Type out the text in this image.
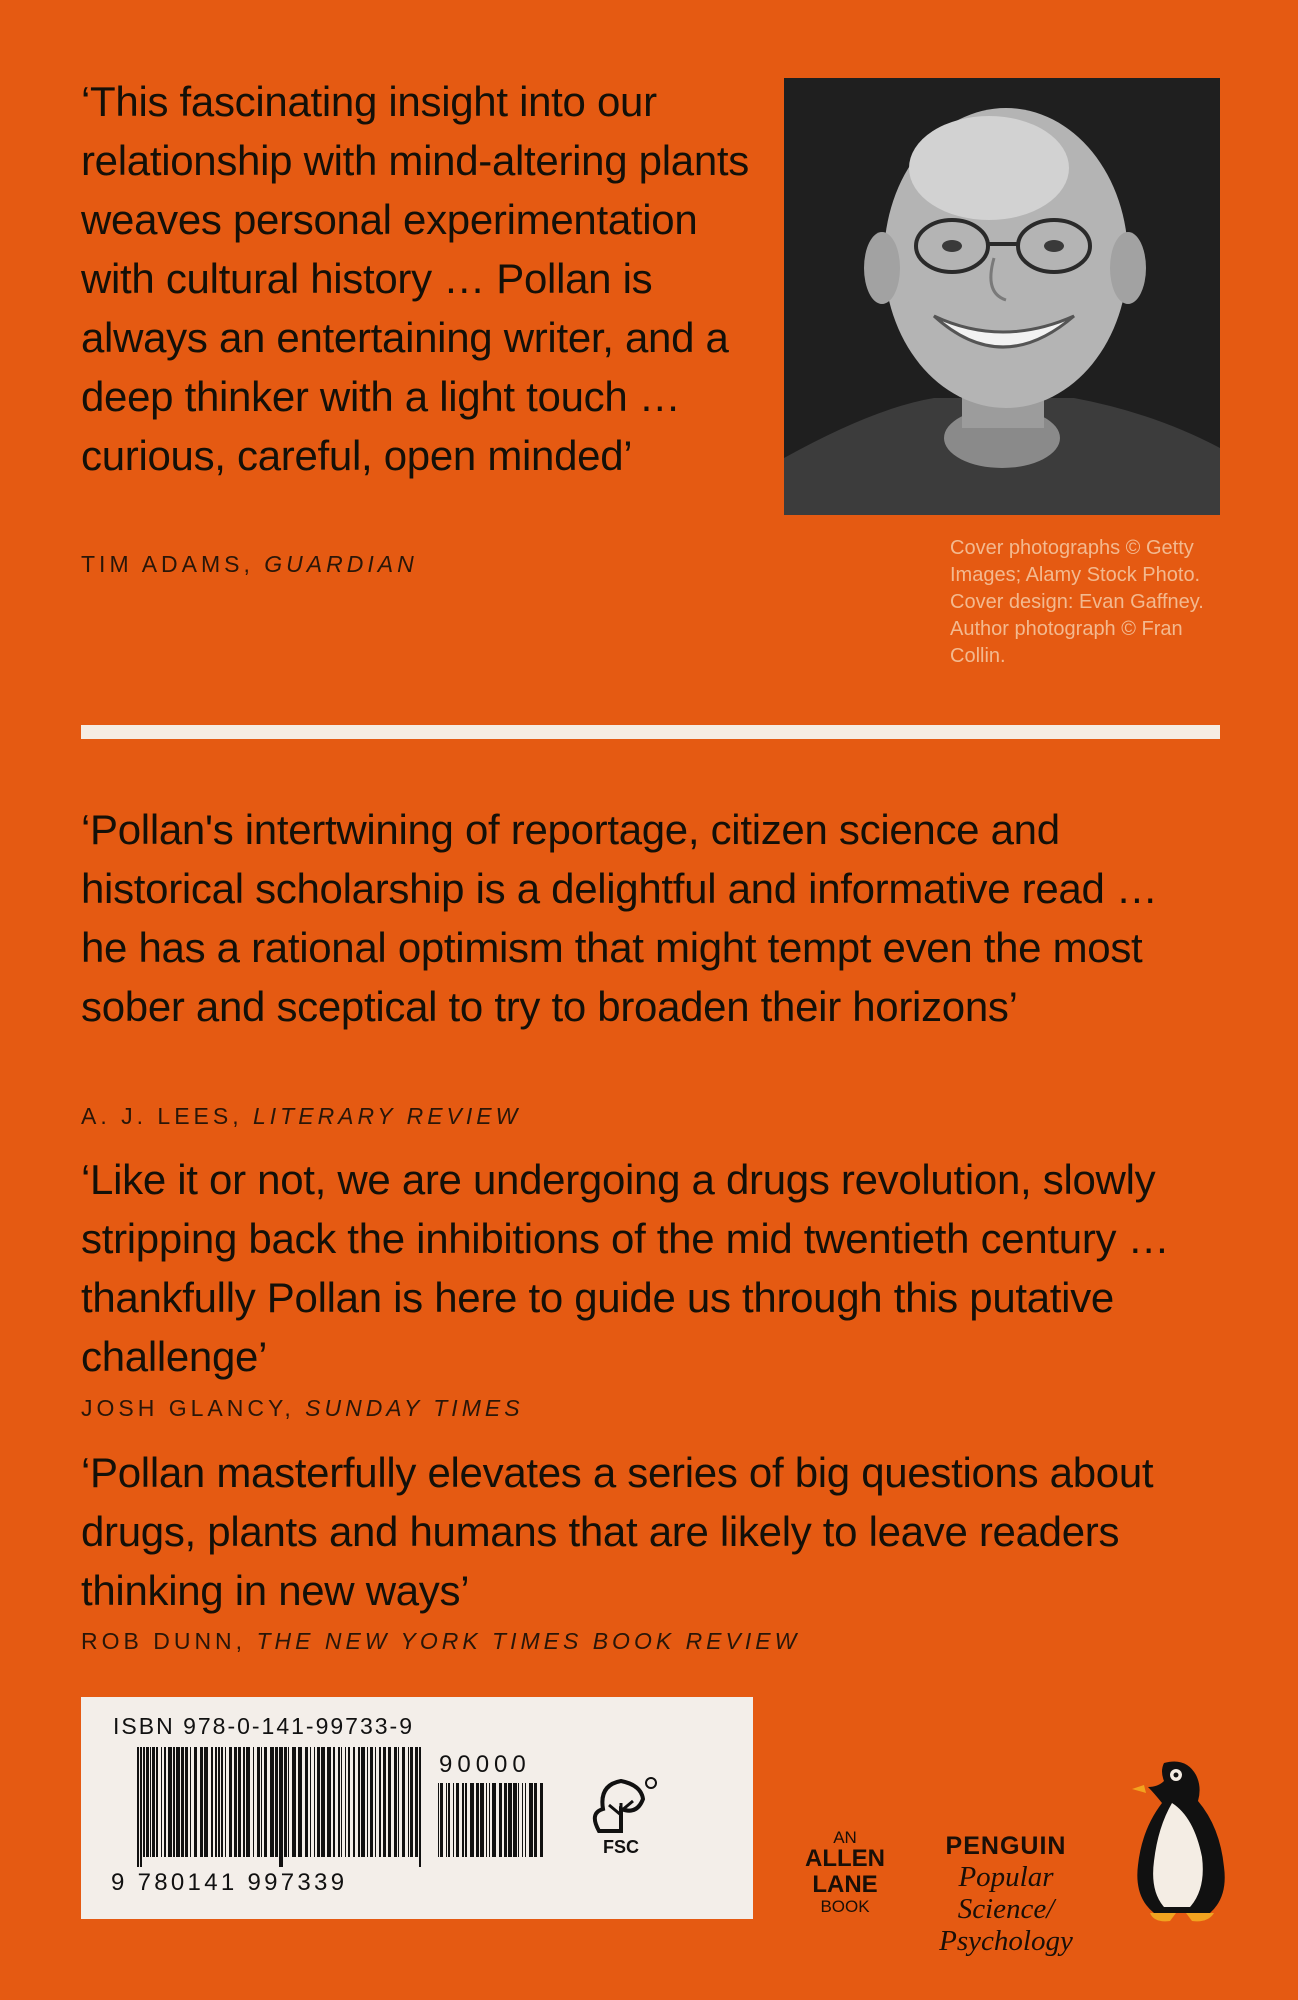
‘This fascinating insight into our relationship with mind-altering plants weaves personal experimentation with cultural history … Pollan is always an entertaining writer, and a deep thinker with a light touch … curious, careful, open minded’

TIM ADAMS, GUARDIAN
Cover photographs © Getty Images; Alamy Stock Photo. Cover design: Evan Gaffney. Author photograph © Fran Collin.

‘Pollan's intertwining of reportage, citizen science and historical scholarship is a delightful and informative read … he has a rational optimism that might tempt even the most sober and sceptical to try to broaden their horizons’

A. J. LEES, LITERARY REVIEW

‘Like it or not, we are undergoing a drugs revolution, slowly stripping back the inhibitions of the mid twentieth century … thankfully Pollan is here to guide us through this putative challenge’

JOSH GLANCY, SUNDAY TIMES

‘Pollan masterfully elevates a series of big questions about drugs, plants and humans that are likely to leave readers thinking in new ways’

ROB DUNN, THE NEW YORK TIMES BOOK REVIEW
ISBN 978-0-141-99733-9
90000
9 780141 997339
FSC	AN
ALLEN
LANE
BOOK
PENGUIN
Popular Science/
Psychology
